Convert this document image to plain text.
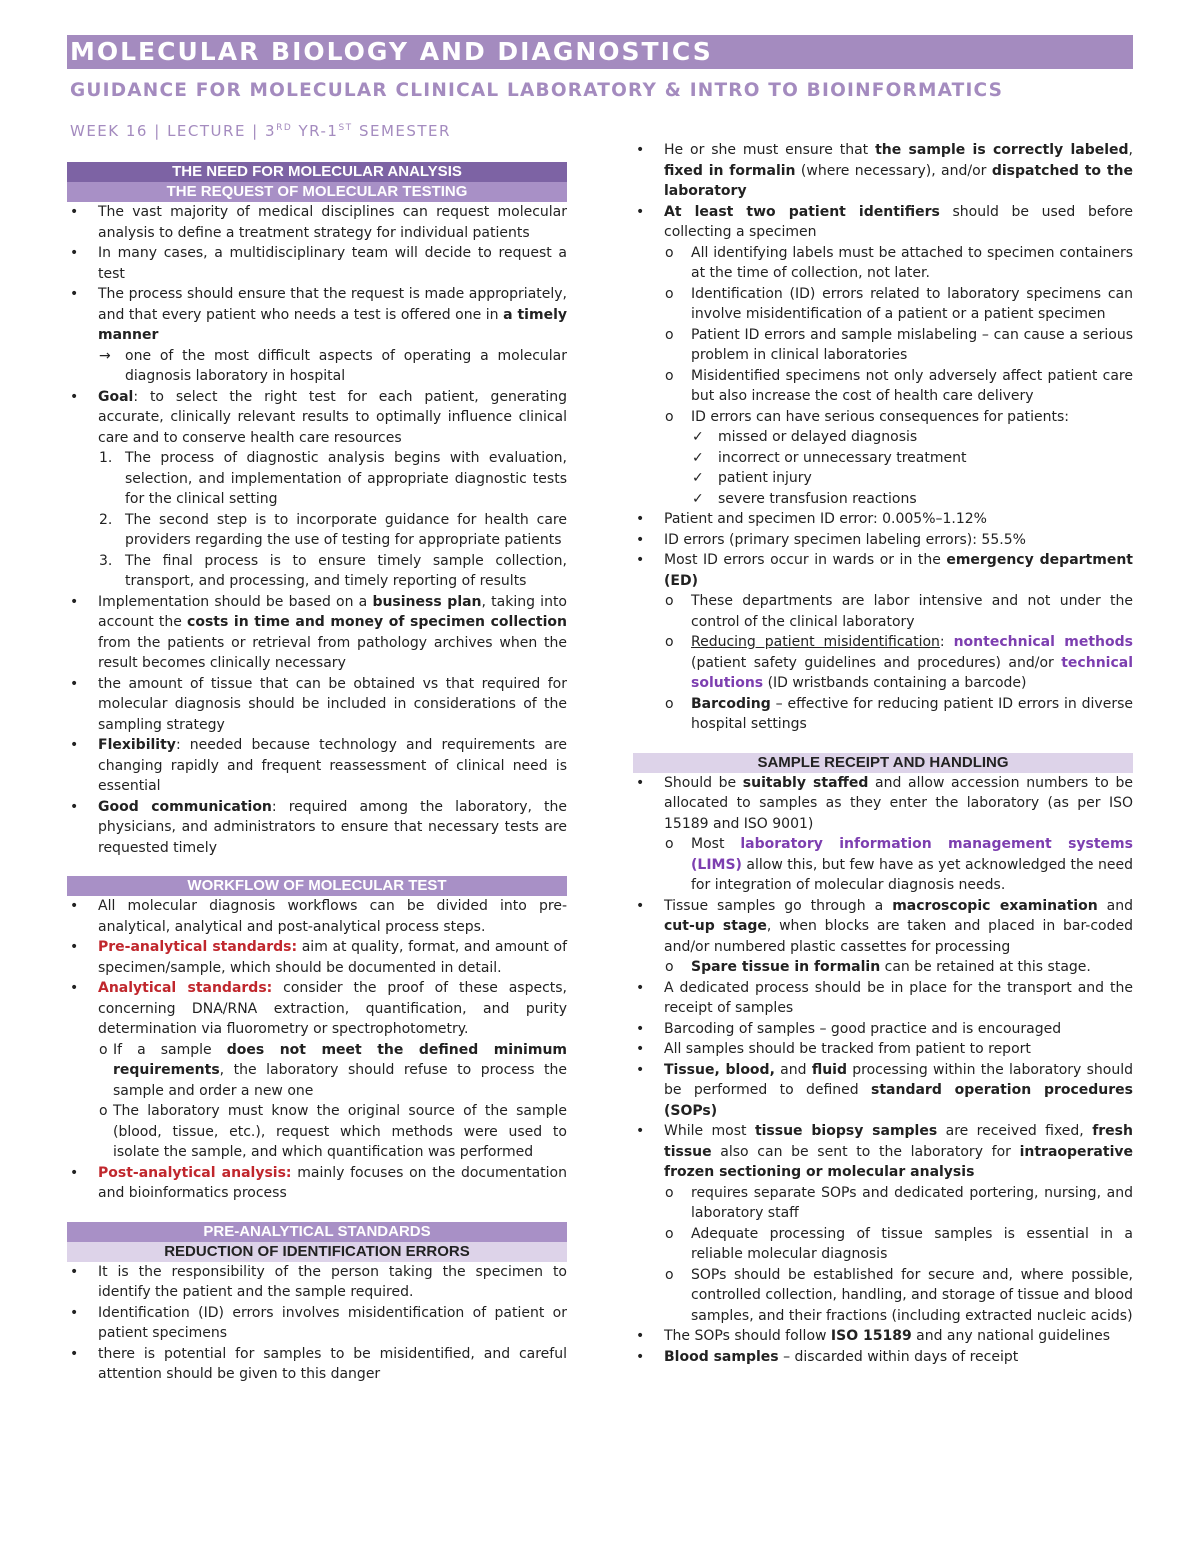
MOLECULAR BIOLOGY AND DIAGNOSTICS
GUIDANCE FOR MOLECULAR CLINICAL LABORATORY & INTRO TO BIOINFORMATICS
WEEK 16 | LECTURE | 3RD YR-1ST SEMESTER
THE NEED FOR MOLECULAR ANALYSIS
THE REQUEST OF MOLECULAR TESTING
• The vast majority of medical disciplines can request molecular analysis to define a treatment strategy for individual patients
• In many cases, a multidisciplinary team will decide to request a test
• The process should ensure that the request is made appropriately, and that every patient who needs a test is offered one in a timely manner
→ one of the most difficult aspects of operating a molecular diagnosis laboratory in hospital
• Goal: to select the right test for each patient, generating accurate, clinically relevant results to optimally influence clinical care and to conserve health care resources
1. The process of diagnostic analysis begins with evaluation, selection, and implementation of appropriate diagnostic tests for the clinical setting
2. The second step is to incorporate guidance for health care providers regarding the use of testing for appropriate patients
3. The final process is to ensure timely sample collection, transport, and processing, and timely reporting of results
• Implementation should be based on a business plan, taking into account the costs in time and money of specimen collection from the patients or retrieval from pathology archives when the result becomes clinically necessary
• the amount of tissue that can be obtained vs that required for molecular diagnosis should be included in considerations of the sampling strategy
• Flexibility: needed because technology and requirements are changing rapidly and frequent reassessment of clinical need is essential
• Good communication: required among the laboratory, the physicians, and administrators to ensure that necessary tests are requested timely
WORKFLOW OF MOLECULAR TEST
• All molecular diagnosis workflows can be divided into pre-analytical, analytical and post-analytical process steps.
• Pre-analytical standards: aim at quality, format, and amount of specimen/sample, which should be documented in detail.
• Analytical standards: consider the proof of these aspects, concerning DNA/RNA extraction, quantification, and purity determination via fluorometry or spectrophotometry.
o If a sample does not meet the defined minimum requirements, the laboratory should refuse to process the sample and order a new one
o The laboratory must know the original source of the sample (blood, tissue, etc.), request which methods were used to isolate the sample, and which quantification was performed
• Post-analytical analysis: mainly focuses on the documentation and bioinformatics process
PRE-ANALYTICAL STANDARDS
REDUCTION OF IDENTIFICATION ERRORS
• It is the responsibility of the person taking the specimen to identify the patient and the sample required.
• Identification (ID) errors involves misidentification of patient or patient specimens
• there is potential for samples to be misidentified, and careful attention should be given to this danger
• He or she must ensure that the sample is correctly labeled, fixed in formalin (where necessary), and/or dispatched to the laboratory
• At least two patient identifiers should be used before collecting a specimen
o All identifying labels must be attached to specimen containers at the time of collection, not later.
o Identification (ID) errors related to laboratory specimens can involve misidentification of a patient or a patient specimen
o Patient ID errors and sample mislabeling – can cause a serious problem in clinical laboratories
o Misidentified specimens not only adversely affect patient care but also increase the cost of health care delivery
o ID errors can have serious consequences for patients:
✓ missed or delayed diagnosis
✓ incorrect or unnecessary treatment
✓ patient injury
✓ severe transfusion reactions
• Patient and specimen ID error: 0.005%–1.12%
• ID errors (primary specimen labeling errors): 55.5%
• Most ID errors occur in wards or in the emergency department (ED)
o These departments are labor intensive and not under the control of the clinical laboratory
o Reducing patient misidentification: nontechnical methods (patient safety guidelines and procedures) and/or technical solutions (ID wristbands containing a barcode)
o Barcoding – effective for reducing patient ID errors in diverse hospital settings
SAMPLE RECEIPT AND HANDLING
• Should be suitably staffed and allow accession numbers to be allocated to samples as they enter the laboratory (as per ISO 15189 and ISO 9001)
o Most laboratory information management systems (LIMS) allow this, but few have as yet acknowledged the need for integration of molecular diagnosis needs.
• Tissue samples go through a macroscopic examination and cut-up stage, when blocks are taken and placed in bar-coded and/or numbered plastic cassettes for processing
o Spare tissue in formalin can be retained at this stage.
• A dedicated process should be in place for the transport and the receipt of samples
• Barcoding of samples – good practice and is encouraged
• All samples should be tracked from patient to report
• Tissue, blood, and fluid processing within the laboratory should be performed to defined standard operation procedures (SOPs)
• While most tissue biopsy samples are received fixed, fresh tissue also can be sent to the laboratory for intraoperative frozen sectioning or molecular analysis
o requires separate SOPs and dedicated portering, nursing, and laboratory staff
o Adequate processing of tissue samples is essential in a reliable molecular diagnosis
o SOPs should be established for secure and, where possible, controlled collection, handling, and storage of tissue and blood samples, and their fractions (including extracted nucleic acids)
• The SOPs should follow ISO 15189 and any national guidelines
• Blood samples – discarded within days of receipt
